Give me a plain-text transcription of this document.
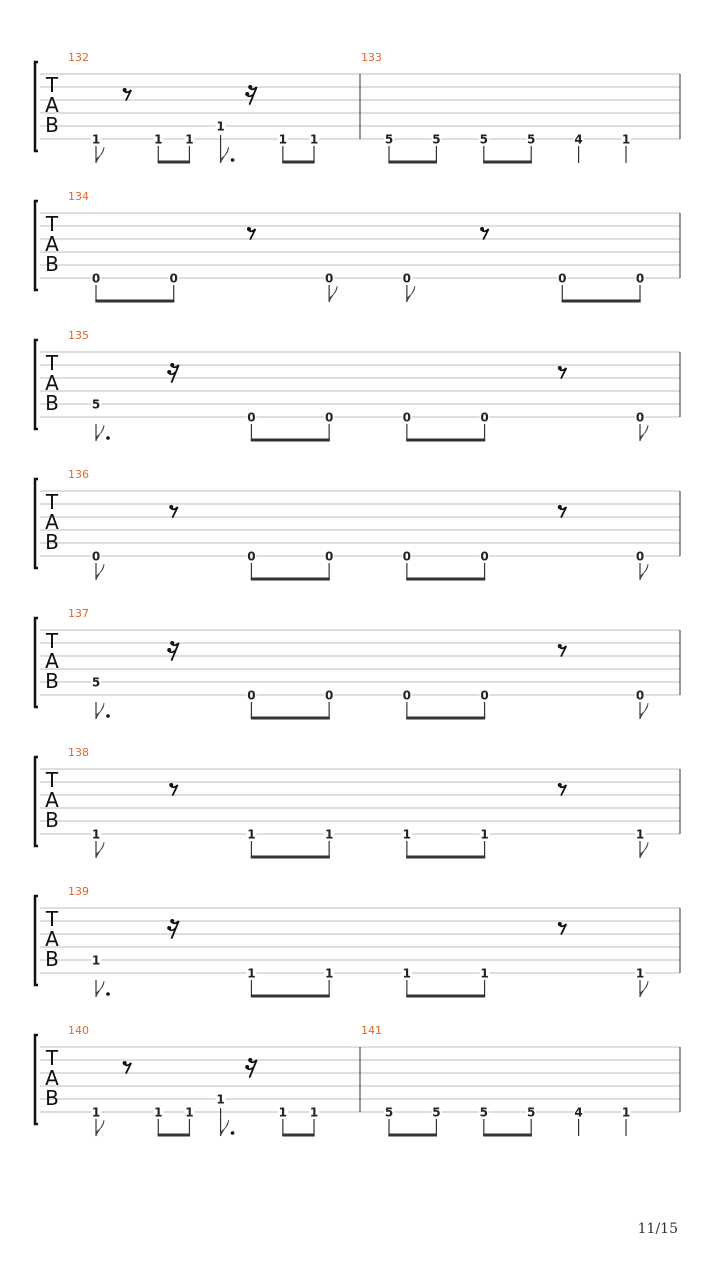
T
A
B
132
1	1 1
1
1 1
133
5	5	5	5	4	1
T
A
B
134
0	0	0	0	0	0
T
A
B
135
5
0	0	0	0	0
T
A
B
136
0	0	0	0	0	0
T
A
B
137
5
0	0	0	0	0
T
A
B
138
1	1	1	1	1	1
T
A
B
139
1
1	1	1	1	1
T
A
B
140
1	1 1
1
1 1
141
5	5	5	5	4	1
11/15
